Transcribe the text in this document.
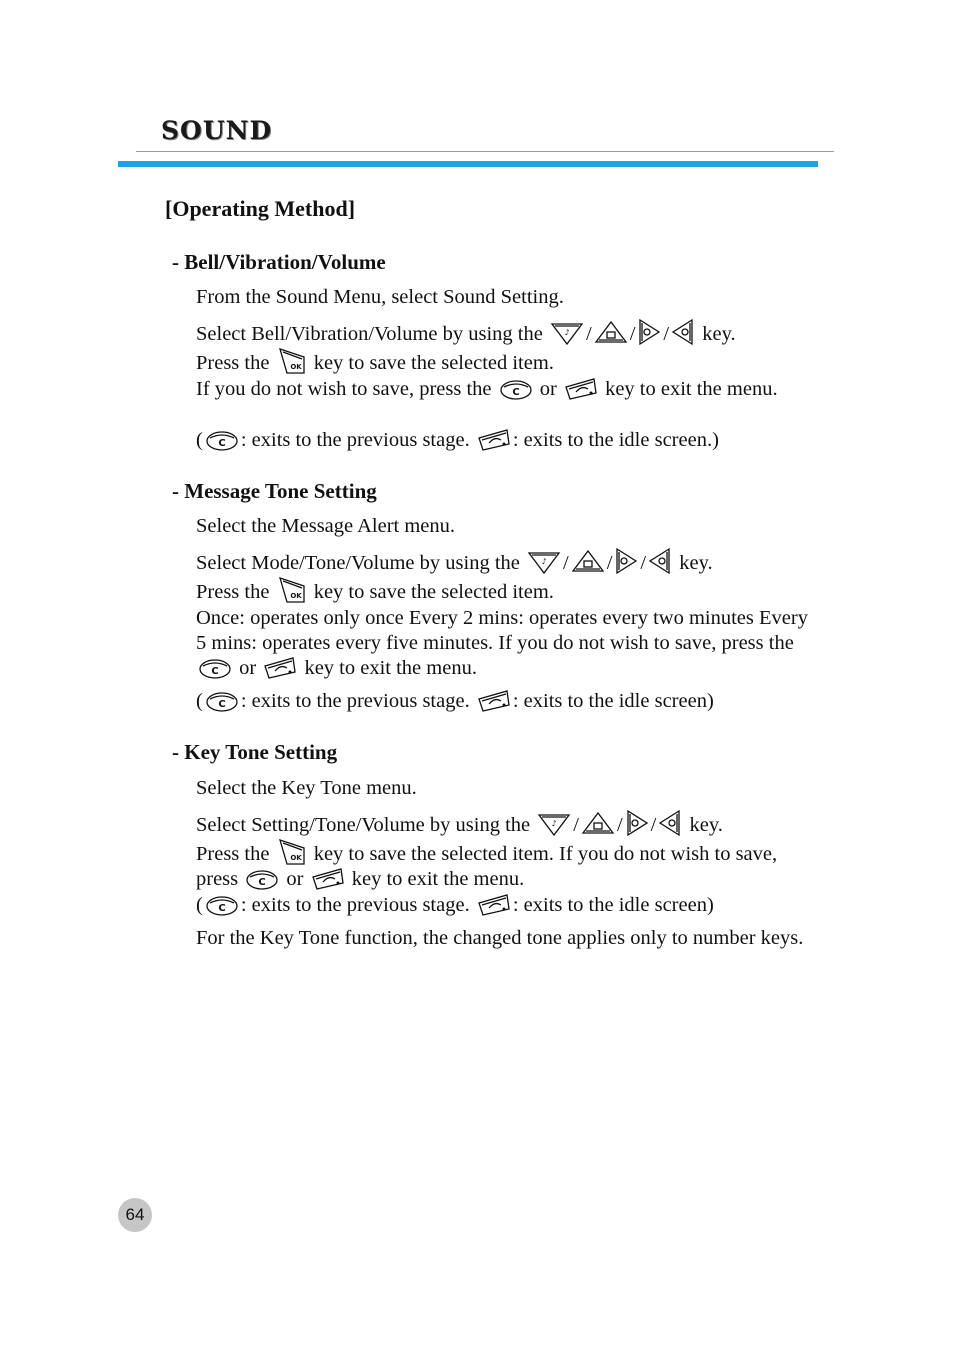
SOUND
[Operating Method]
- Bell/Vibration/Volume
From the Sound Menu, select Sound Setting.
Select Bell/Vibration/Volume by using the	♪ / / / key.
Press the	OK key to save the selected item.
If you do not wish to save, press the C or key to exit the menu.
( C : exits to the previous stage. : exits to the idle screen.)
- Message Tone Setting
Select the Message Alert menu.
Select Mode/Tone/Volume by using the	♪ / / / key.
Press the	OK key to save the selected item.
Once: operates only once Every 2 mins: operates every two minutes Every 5 mins: operates every five minutes. If you do not wish to save, press the
C or key to exit the menu.
( C : exits to the previous stage. : exits to the idle screen)
- Key Tone Setting
Select the Key Tone menu.
Select Setting/Tone/Volume by using the	♪ / / / key.
Press the	OK key to save the selected item. If you do not wish to save, press C or key to exit the menu.
( C : exits to the previous stage. : exits to the idle screen)
For the Key Tone function, the changed tone applies only to number keys.
64
